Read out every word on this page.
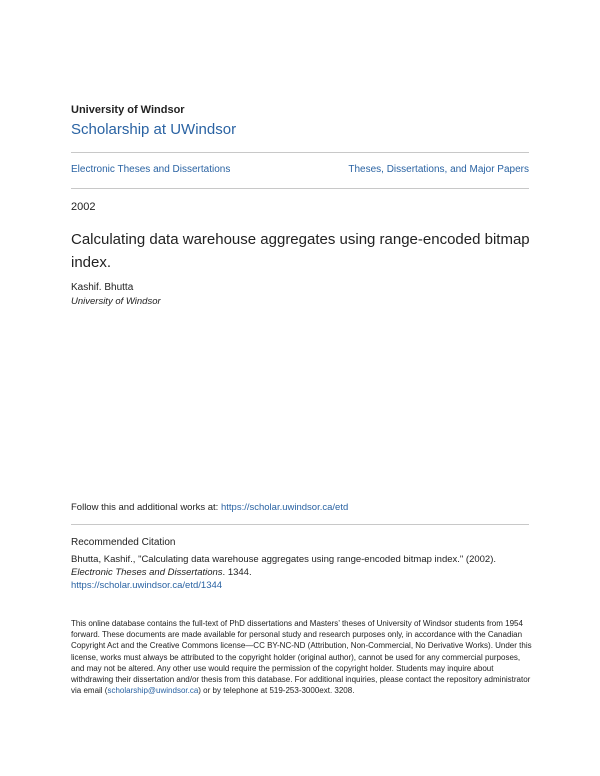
University of Windsor
Scholarship at UWindsor
Electronic Theses and Dissertations	Theses, Dissertations, and Major Papers
2002
Calculating data warehouse aggregates using range-encoded bitmap index.
Kashif. Bhutta
University of Windsor
Follow this and additional works at: https://scholar.uwindsor.ca/etd
Recommended Citation
Bhutta, Kashif., "Calculating data warehouse aggregates using range-encoded bitmap index." (2002).
Electronic Theses and Dissertations. 1344.
https://scholar.uwindsor.ca/etd/1344
This online database contains the full-text of PhD dissertations and Masters’ theses of University of Windsor students from 1954 forward. These documents are made available for personal study and research purposes only, in accordance with the Canadian Copyright Act and the Creative Commons license—CC BY-NC-ND (Attribution, Non-Commercial, No Derivative Works). Under this license, works must always be attributed to the copyright holder (original author), cannot be used for any commercial purposes, and may not be altered. Any other use would require the permission of the copyright holder. Students may inquire about withdrawing their dissertation and/or thesis from this database. For additional inquiries, please contact the repository administrator via email (scholarship@uwindsor.ca) or by telephone at 519-253-3000ext. 3208.
